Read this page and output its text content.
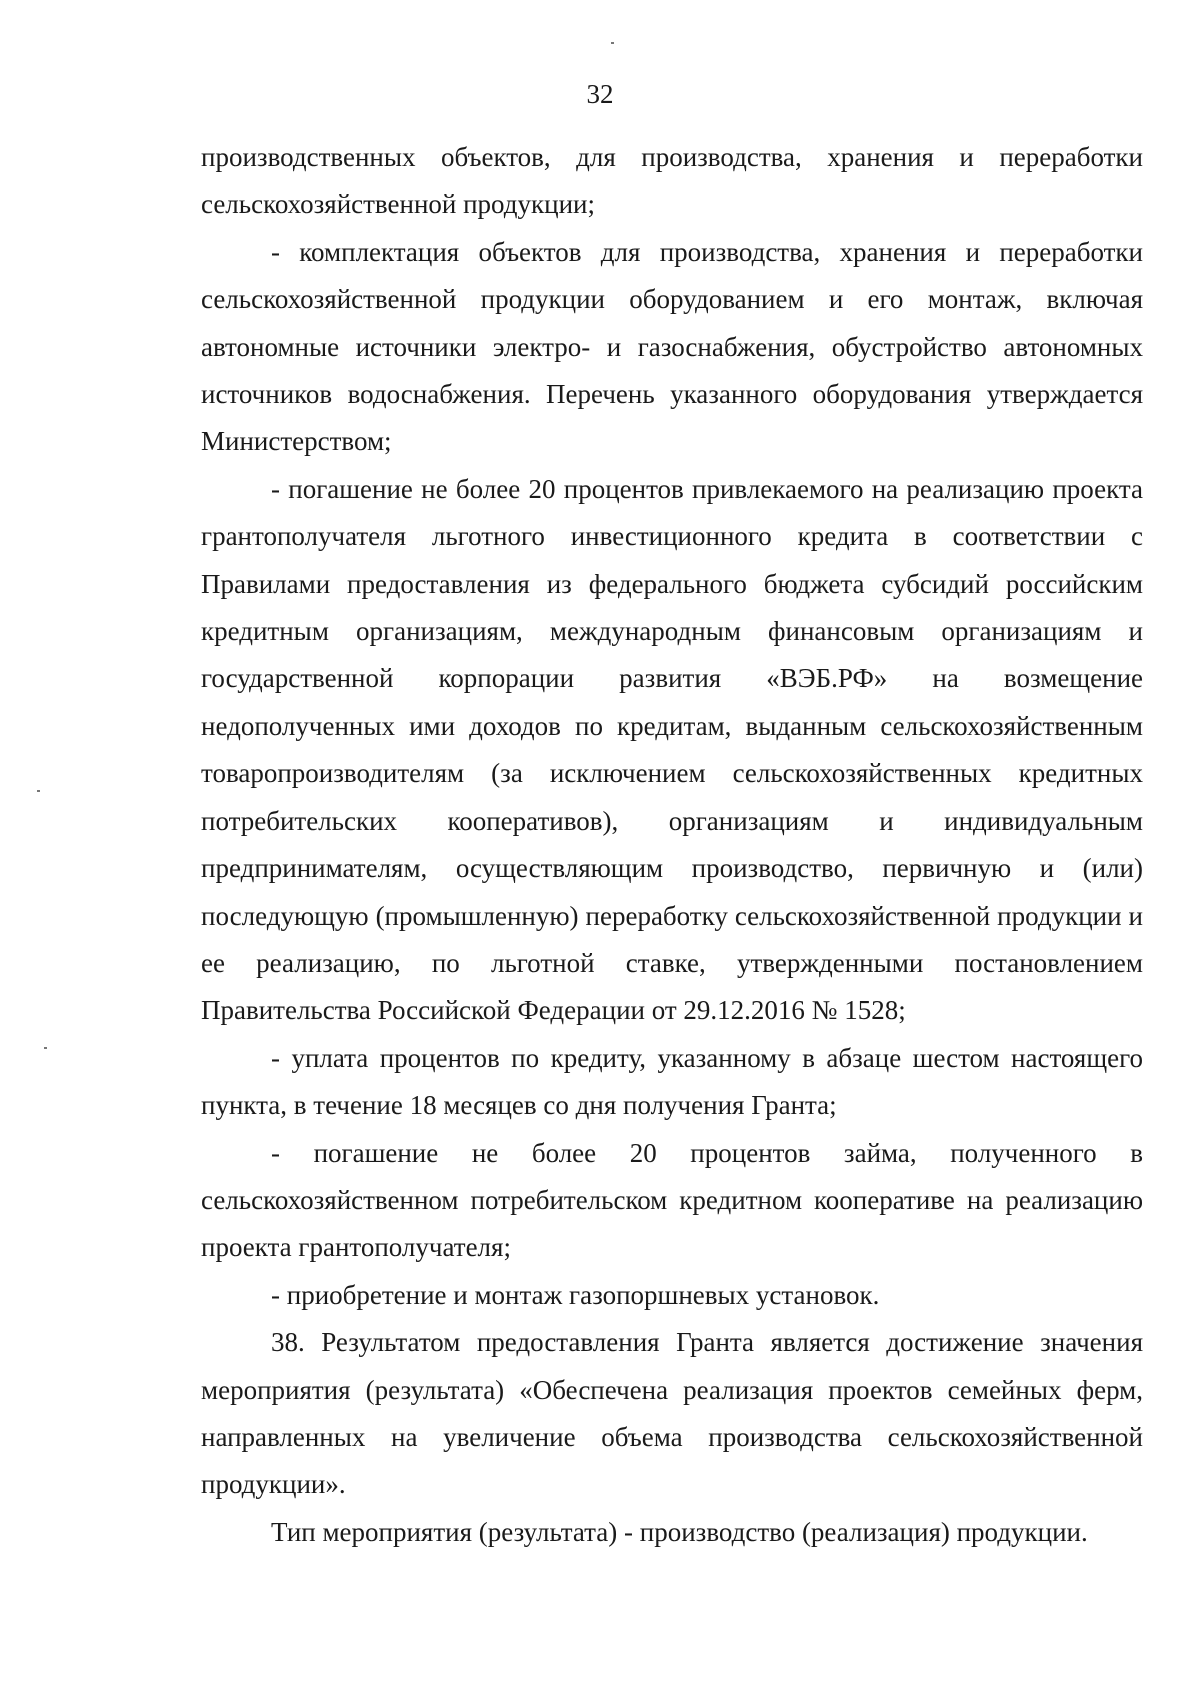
32

производственных объектов, для производства, хранения и переработки сельскохозяйственной продукции;

- комплектация объектов для производства, хранения и переработки сельскохозяйственной продукции оборудованием и его монтаж, включая автономные источники электро- и газоснабжения, обустройство автономных источников водоснабжения. Перечень указанного оборудования утверждается Министерством;

- погашение не более 20 процентов привлекаемого на реализацию проекта грантополучателя льготного инвестиционного кредита в соответствии с Правилами предоставления из федерального бюджета субсидий российским кредитным организациям, международным финансовым организациям и государственной корпорации развития «ВЭБ.РФ» на возмещение недополученных ими доходов по кредитам, выданным сельскохозяйственным товаропроизводителям (за исключением сельскохозяйственных кредитных потребительских кооперативов), организациям и индивидуальным предпринимателям, осуществляющим производство, первичную и (или) последующую (промышленную) переработку сельскохозяйственной продукции и ее реализацию, по льготной ставке, утвержденными постановлением Правительства Российской Федерации от 29.12.2016 № 1528;

- уплата процентов по кредиту, указанному в абзаце шестом настоящего пункта, в течение 18 месяцев со дня получения Гранта;

- погашение не более 20 процентов займа, полученного в сельскохозяйственном потребительском кредитном кооперативе на реализацию проекта грантополучателя;

- приобретение и монтаж газопоршневых установок.

38. Результатом предоставления Гранта является достижение значения мероприятия (результата) «Обеспечена реализация проектов семейных ферм, направленных на увеличение объема производства сельскохозяйственной продукции».

Тип мероприятия (результата) - производство (реализация) продукции.
